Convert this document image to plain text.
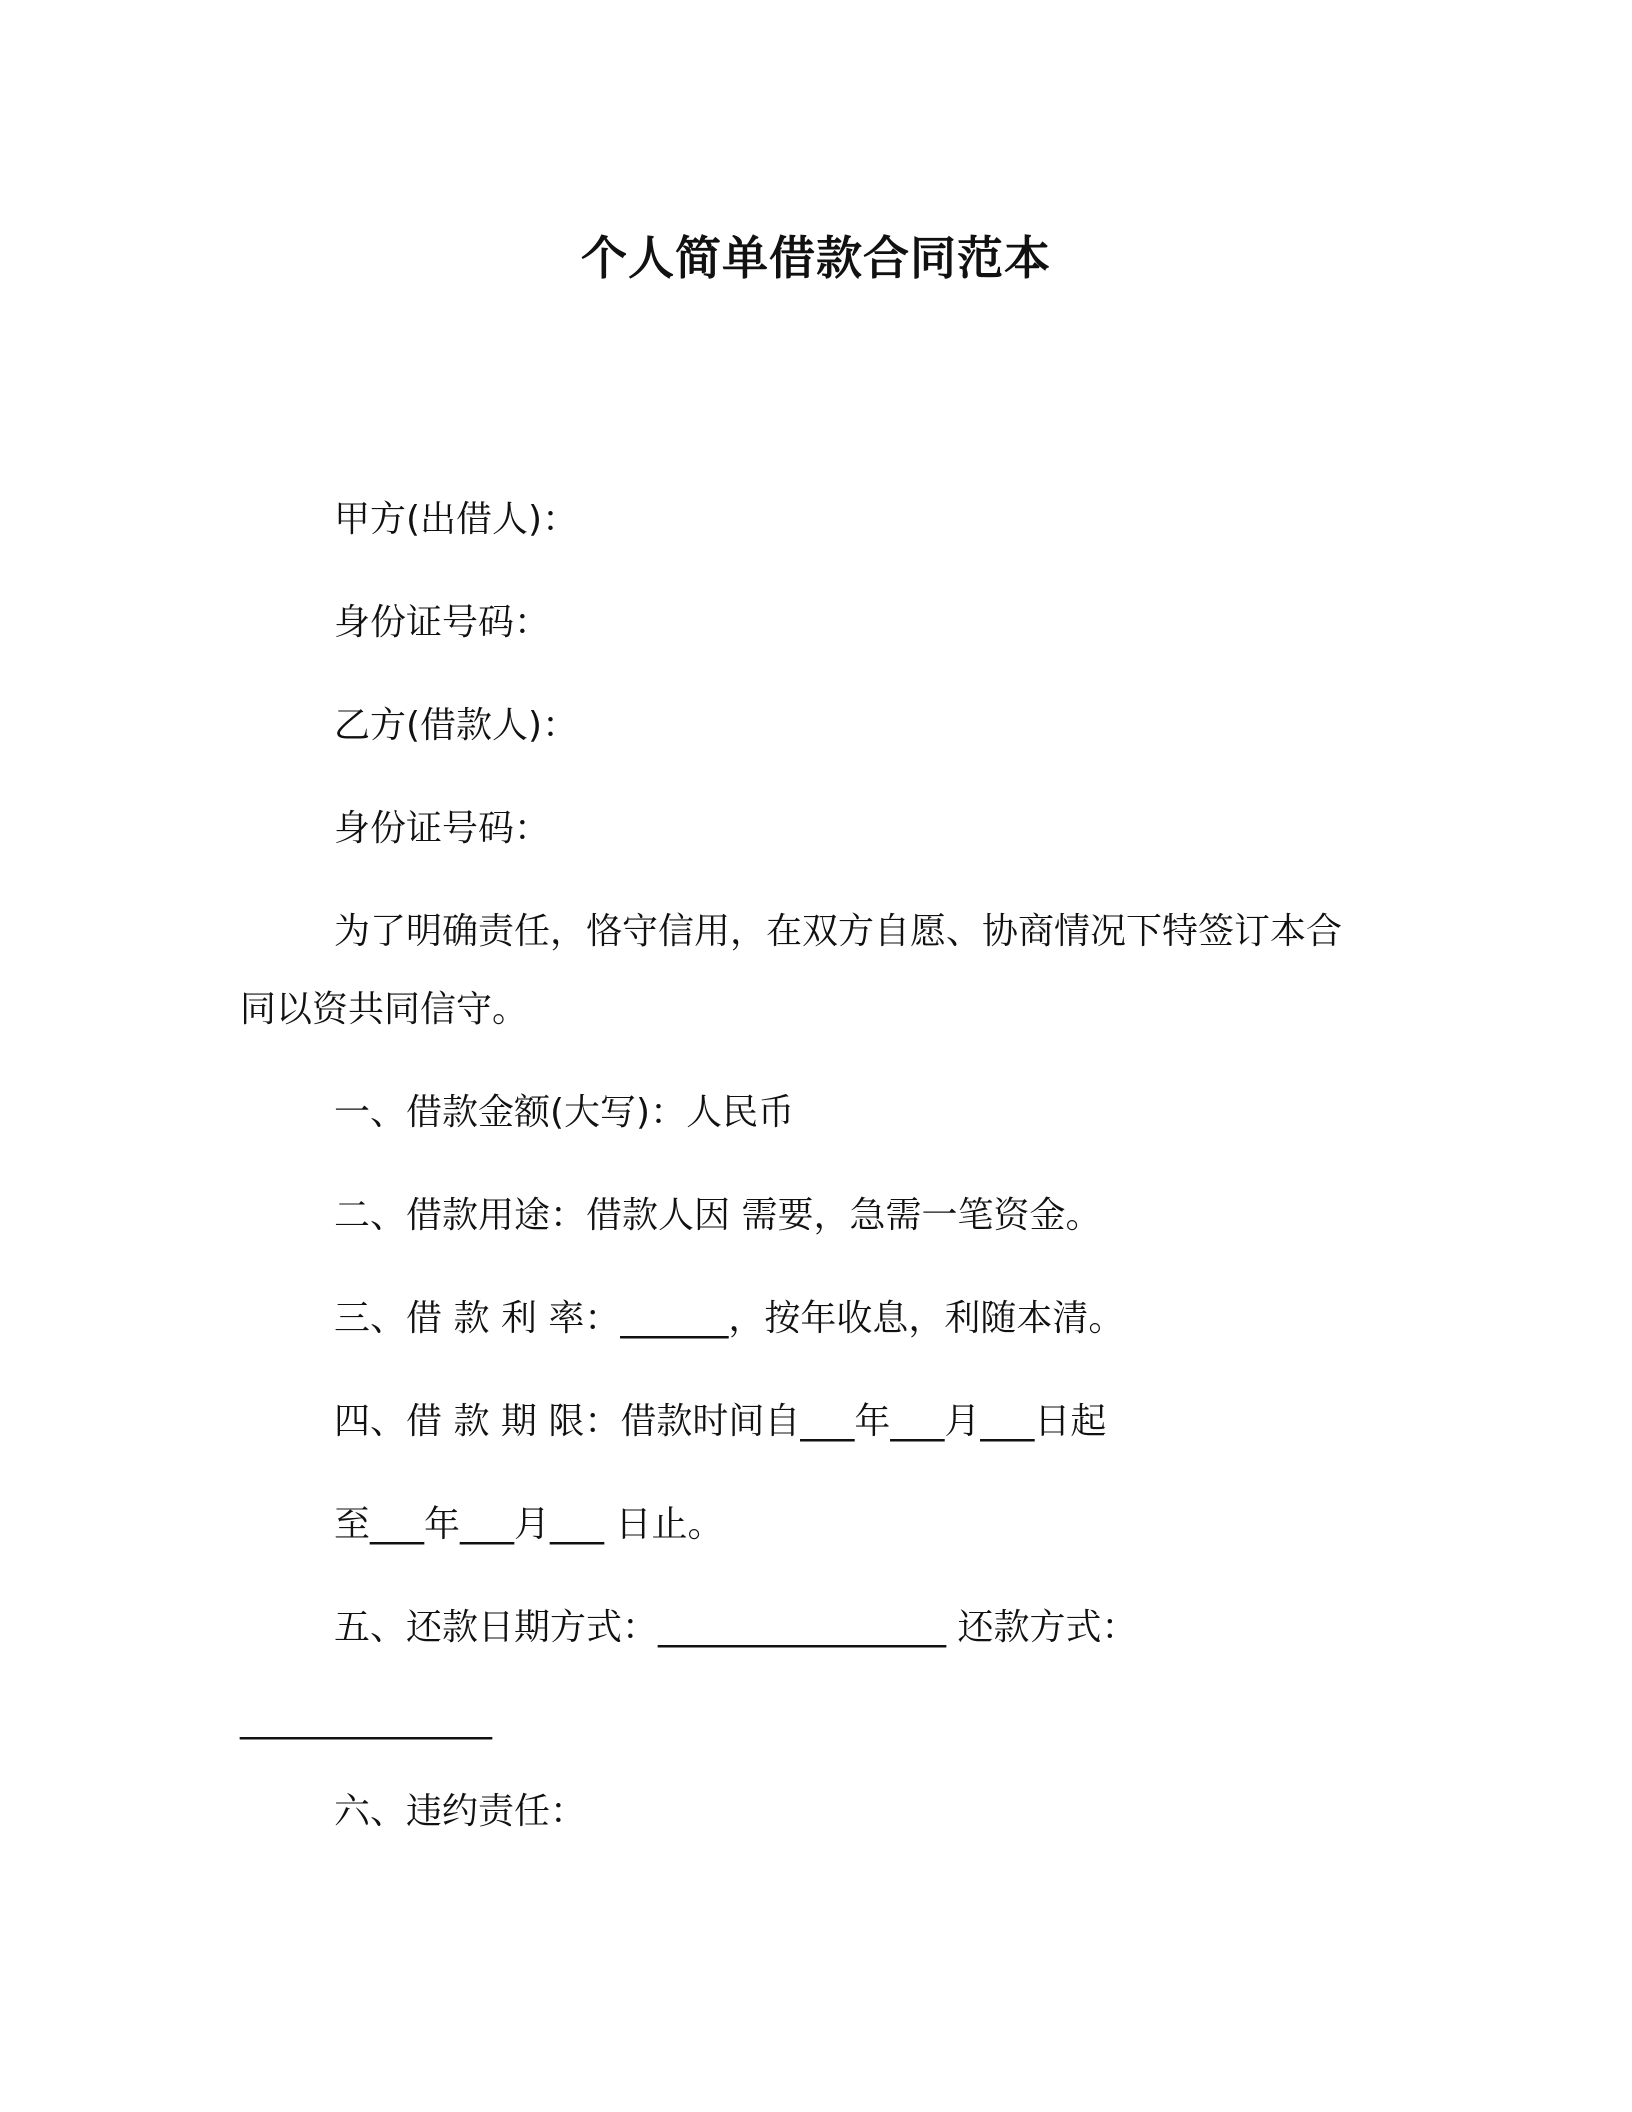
个人简单借款合同范本

甲方(出借人)：

身份证号码：

乙方(借款人)：

身份证号码：

为了明确责任，恪守信用，在双方自愿、协商情况下特签订本合

同以资共同信守。

一、借款金额(大写)：人民币

二、借款用途：借款人因 需要，急需一笔资金。

三、借 款 利 率：______，按年收息，利随本清。

四、借 款 期 限：借款时间自___年___月___日起

至___年___月___ 日止。

五、还款日期方式：________________ 还款方式：

______________

六、违约责任：
